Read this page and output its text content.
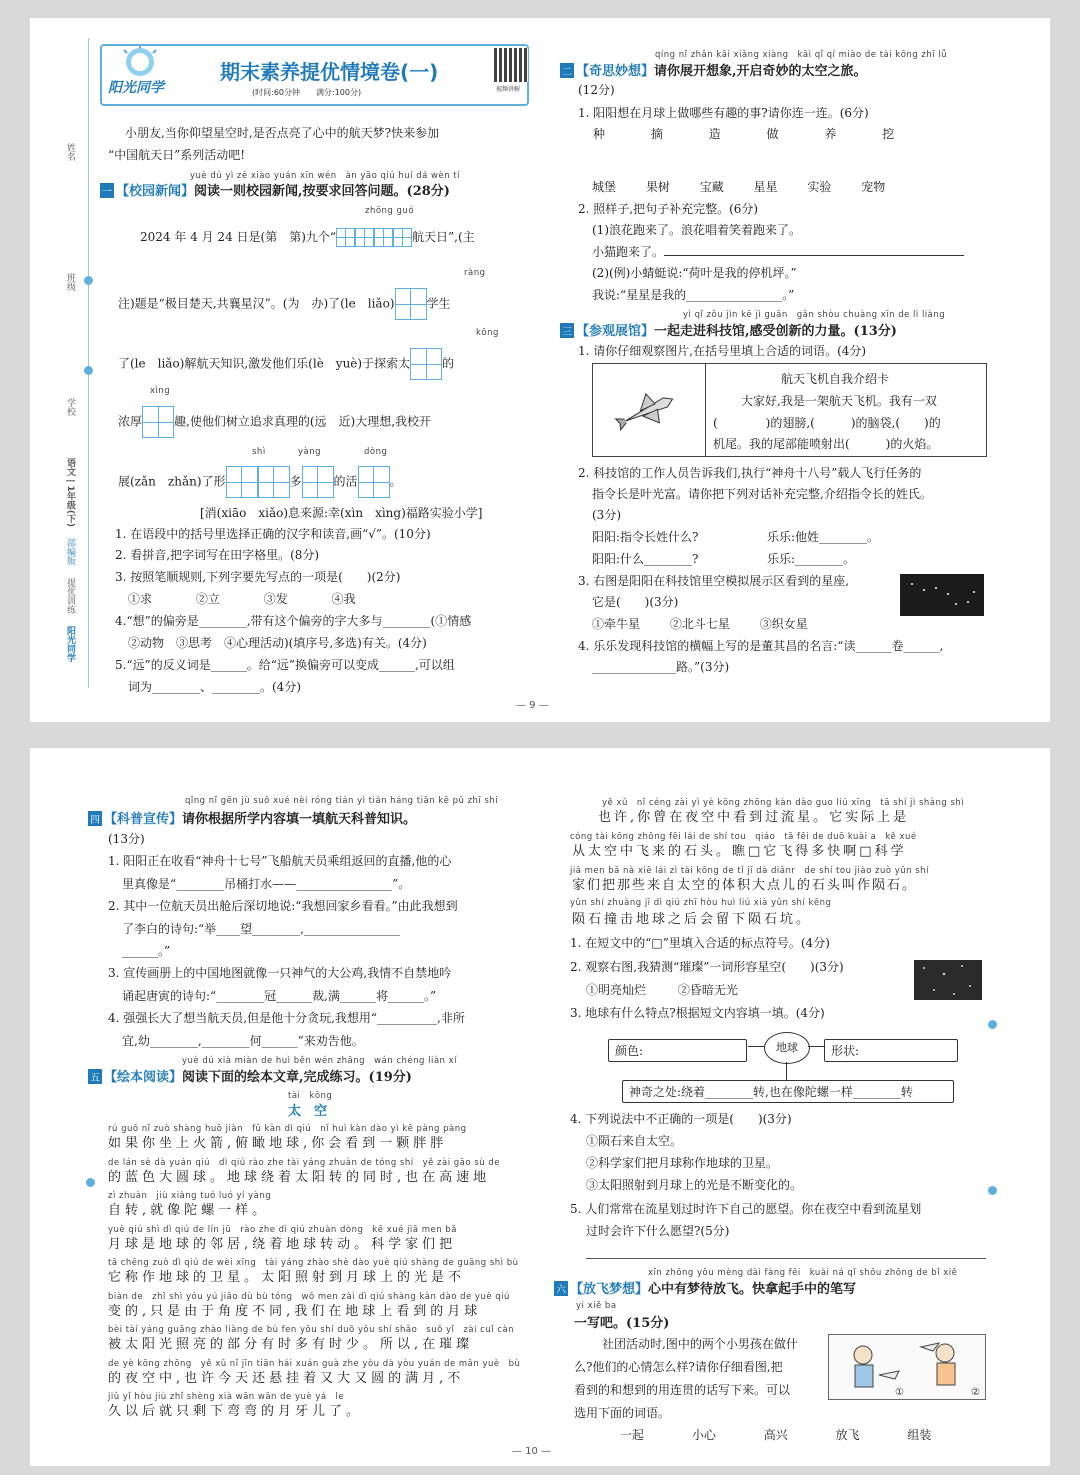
姓名
班级
学校
语文 | 1年级(下)
部编版
提优训练
阳光同学
阳光同学
期末素养提优情境卷(一)
(时间:60分钟　　满分:100分)	视频讲解
小朋友,当你仰望星空时,是否点亮了心中的航天梦?快来参加
“中国航天日”系列活动吧!
yuè dú yì zé xiào yuán xīn wén　àn yāo qiú huí dá wèn tí
一 【校园新闻】阅读一则校园新闻,按要求回答问题。(28分)
zhōng guó
2024 年 4 月 24 日是(第　第)九个“	航天日”,(主
ràng
注)题是“极目楚天,共襄星汉”。(为　办)了(le　liǎo)	学生
kōng
了(le　liǎo)解航天知识,激发他们乐(lè　yuè)于探索太	的
xìng
浓厚	趣,使他们树立追求真理的(远　近)大理想,我校开
shì	yàng	dòng
展(zǎn　zhǎn)了形	多	的活	。
[消(xiāo　xiǎo)息来源:幸(xìn　xìng)福路实验小学]
1. 在语段中的括号里选择正确的汉字和读音,画“√”。(10分)
2. 看拼音,把字词写在田字格里。(8分)
3. 按照笔顺规则,下列字要先写点的一项是(　　)(2分)
①求	②立	③发	④我
4.“想”的偏旁是________,带有这个偏旁的字大多与________(①情感
②动物　③思考　④心理活动)(填序号,多选)有关。(4分)
5.“远”的反义词是______。给“远”换偏旁可以变成______,可以组
词为________、________。(4分)
qíng nǐ zhǎn kāi xiǎng xiàng　kāi qǐ qí miào de tài kōng zhī lǚ
二 【奇思妙想】请你展开想象,开启奇妙的太空之旅。
(12分)
1. 阳阳想在月球上做哪些有趣的事?请你连一连。(6分)
种	摘	造	做	养	挖
城堡 果树 宝藏 星星 实验 宠物
2. 照样子,把句子补充完整。(6分)
(1)浪花跑来了。浪花唱着笑着跑来了。
小猫跑来了。
(2)(例)小蜻蜓说:“荷叶是我的停机坪。”
我说:“星星是我的________________。”
yì qǐ zǒu jìn kē jì guǎn　gǎn shòu chuàng xīn de lì liàng
三 【参观展馆】一起走进科技馆,感受创新的力量。(13分)
1. 请你仔细观察图片,在括号里填上合适的词语。(4分)
航天飞机自我介绍卡
大家好,我是一架航天飞机。我有一双
(　　　　)的翅膀,(　　　)的脑袋,(　　)的
机尾。我的尾部能喷射出(　　　)的火焰。
2. 科技馆的工作人员告诉我们,执行“神舟十八号”载人飞行任务的
指令长是叶光富。请你把下列对话补充完整,介绍指令长的姓氏。
(3分)
阳阳:指令长姓什么?	乐乐:他姓________。
阳阳:什么________?	乐乐:________。
3. 右图是阳阳在科技馆里空模拟展示区看到的星座,
它是(　　)(3分)
①牵牛星 ②北斗七星 ③织女星
4. 乐乐发现科技馆的横幅上写的是董其昌的名言:“读______卷______,
______________路。”(3分)
— 9 —
qǐng nǐ gēn jù suǒ xué nèi róng tián yì tián háng tiān kē pǔ zhī shi
四 【科普宣传】请你根据所学内容填一填航天科普知识。
(13分)
1. 阳阳正在收看“神舟十七号”飞船航天员乘组返回的直播,他的心
里真像是“________吊桶打水——________________”。
2. 其中一位航天员出舱后深切地说:“我想回家乡看看。”由此我想到
了李白的诗句:“举____望________,________________
______。”
3. 宣传画册上的中国地图就像一只神气的大公鸡,我情不自禁地吟
诵起唐寅的诗句:“________冠______裁,满______将______。”
4. 强强长大了想当航天员,但是他十分贪玩,我想用“__________,非所
宜,幼________,________何______”来劝告他。
yuè dú xià miàn de huì běn wén zhāng　wán chéng liàn xí
五 【绘本阅读】阅读下面的绘本文章,完成练习。(19分)
tài　kōng
太　空
yě xǔ　nǐ céng zài yì yè kōng zhōng kàn dào guo liú xīng　tā shí jì shàng shì
也许,你曾在夜空中看到过流星。它实际上是
cóng tài kōng zhōng fēi lái de shí tou　qiáo　tā fēi de duō kuài a　kě xué
从太空中飞来的石头。瞧□它飞得多快啊□科学
jiā men bǎ nà xiē lái zì tài kōng de tǐ jī dà diǎnr　de shí tou jiào zuò yǔn shí
家们把那些来自太空的体积大点儿的石头叫作陨石。
yǔn shí zhuàng jī dì qiú zhī hòu huì liú xià yǔn shí kēng
陨石撞击地球之后会留下陨石坑。
1. 在短文中的“□”里填入合适的标点符号。(4分)
2. 观察右图,我猜测“璀璨”一词形容星空(　　)(3分)
①明亮灿烂	②昏暗无光
3. 地球有什么特点?根据短文内容填一填。(4分)
颜色:	地球	形状:
神奇之处:绕着________转,也在像陀螺一样________转
4. 下列说法中不正确的一项是(　　)(3分)
①陨石来自太空。
②科学家们把月球称作地球的卫星。
③太阳照射到月球上的光是不断变化的。
5. 人们常常在流星划过时许下自己的愿望。你在夜空中看到流星划
过时会许下什么愿望?(5分)
xīn zhōng yǒu mèng dài fàng fēi　kuài ná qǐ shǒu zhōng de bǐ xiě
六 【放飞梦想】心中有梦待放飞。快拿起手中的笔写
yi xiě ba
一写吧。(15分)
社团活动时,图中的两个小男孩在做什
么?他们的心情怎么样?请你仔细看图,把
看到的和想到的用连贯的话写下来。可以
选用下面的词语。
①	②
一起	小心	高兴	放飞	组装
— 10 —
rú guǒ nǐ zuò shàng huǒ jiàn　fǔ kàn dì qiú　nǐ huì kàn dào yì kē pàng pàng
如果你坐上火箭,俯瞰地球,你会看到一颗胖胖
de lán sè dà yuán qiú　dì qiú rào zhe tài yáng zhuàn de tóng shí　yě zài gāo sù de
的蓝色大圆球。地球绕着太阳转的同时,也在高速地
zì zhuàn　jiù xiàng tuó luó yí yàng
自转,就像陀螺一样。
yuè qiú shì dì qiú de lín jū　rào zhe dì qiú zhuàn dòng　kē xué jiā men bǎ
月球是地球的邻居,绕着地球转动。科学家们把
tā chēng zuò dì qiú de wèi xīng　tài yáng zhào shè dào yuè qiú shàng de guāng shì bù
它称作地球的卫星。太阳照射到月球上的光是不
biàn de　zhǐ shì yóu yú jiǎo dù bù tóng　wǒ men zài dì qiú shàng kàn dào de yuè qiú
变的,只是由于角度不同,我们在地球上看到的月球
bèi tài yáng guāng zhào liàng de bù fen yǒu shí duō yǒu shí shǎo　suǒ yǐ　zài cuǐ càn
被太阳光照亮的部分有时多有时少。所以,在璀璨
de yè kōng zhōng　yě xǔ nǐ jīn tiān hái xuán guà zhe yòu dà yòu yuán de mǎn yuè　bù
的夜空中,也许今天还悬挂着又大又圆的满月,不
jiǔ yǐ hòu jiù zhǐ shèng xià wān wān de yuè yá　le
久以后就只剩下弯弯的月牙儿了。
